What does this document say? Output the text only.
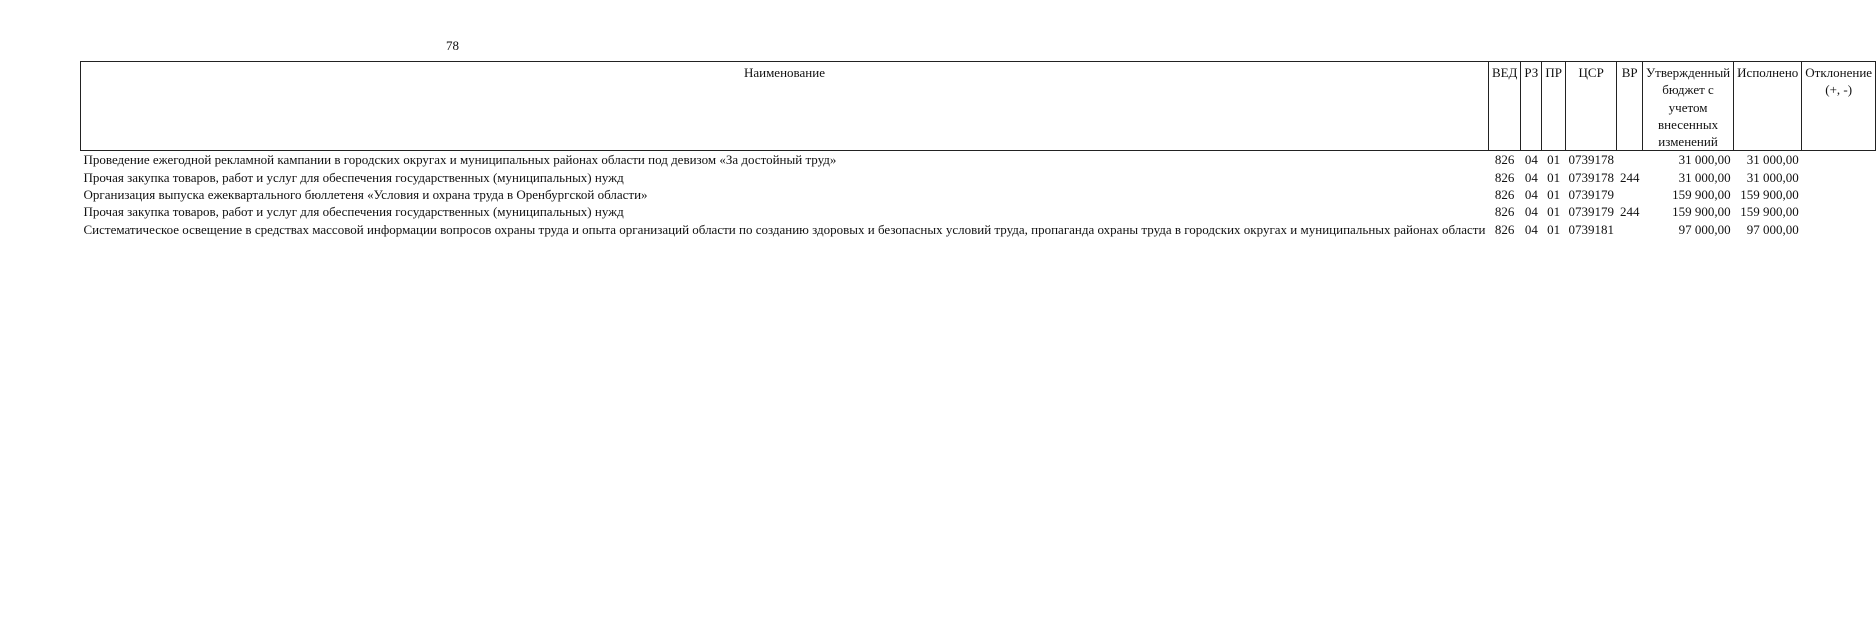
78
Наименование	ВЕД	РЗ	ПР	ЦСР	ВР	Утвержденный бюджет с учетом внесенных изменений	Исполнено	Отклонение (+, -)
Проведение ежегодной рекламной кампании в городских округах и муниципальных районах области под девизом «За достойный труд»	826	04	01	0739178		31 000,00	31 000,00	
Прочая закупка товаров, работ и услуг для обеспечения государственных (муниципальных) нужд	826	04	01	0739178	244	31 000,00	31 000,00	
Организация выпуска ежеквартального бюллетеня «Условия и охрана труда в Оренбургской области»	826	04	01	0739179		159 900,00	159 900,00	
Прочая закупка товаров, работ и услуг для обеспечения государственных (муниципальных) нужд	826	04	01	0739179	244	159 900,00	159 900,00	
Систематическое освещение в средствах массовой информации вопросов охраны труда и опыта организаций области по созданию здоровых и безопасных условий труда, пропаганда охраны труда в городских округах и муниципальных районах области	826	04	01	0739181		97 000,00	97 000,00	
